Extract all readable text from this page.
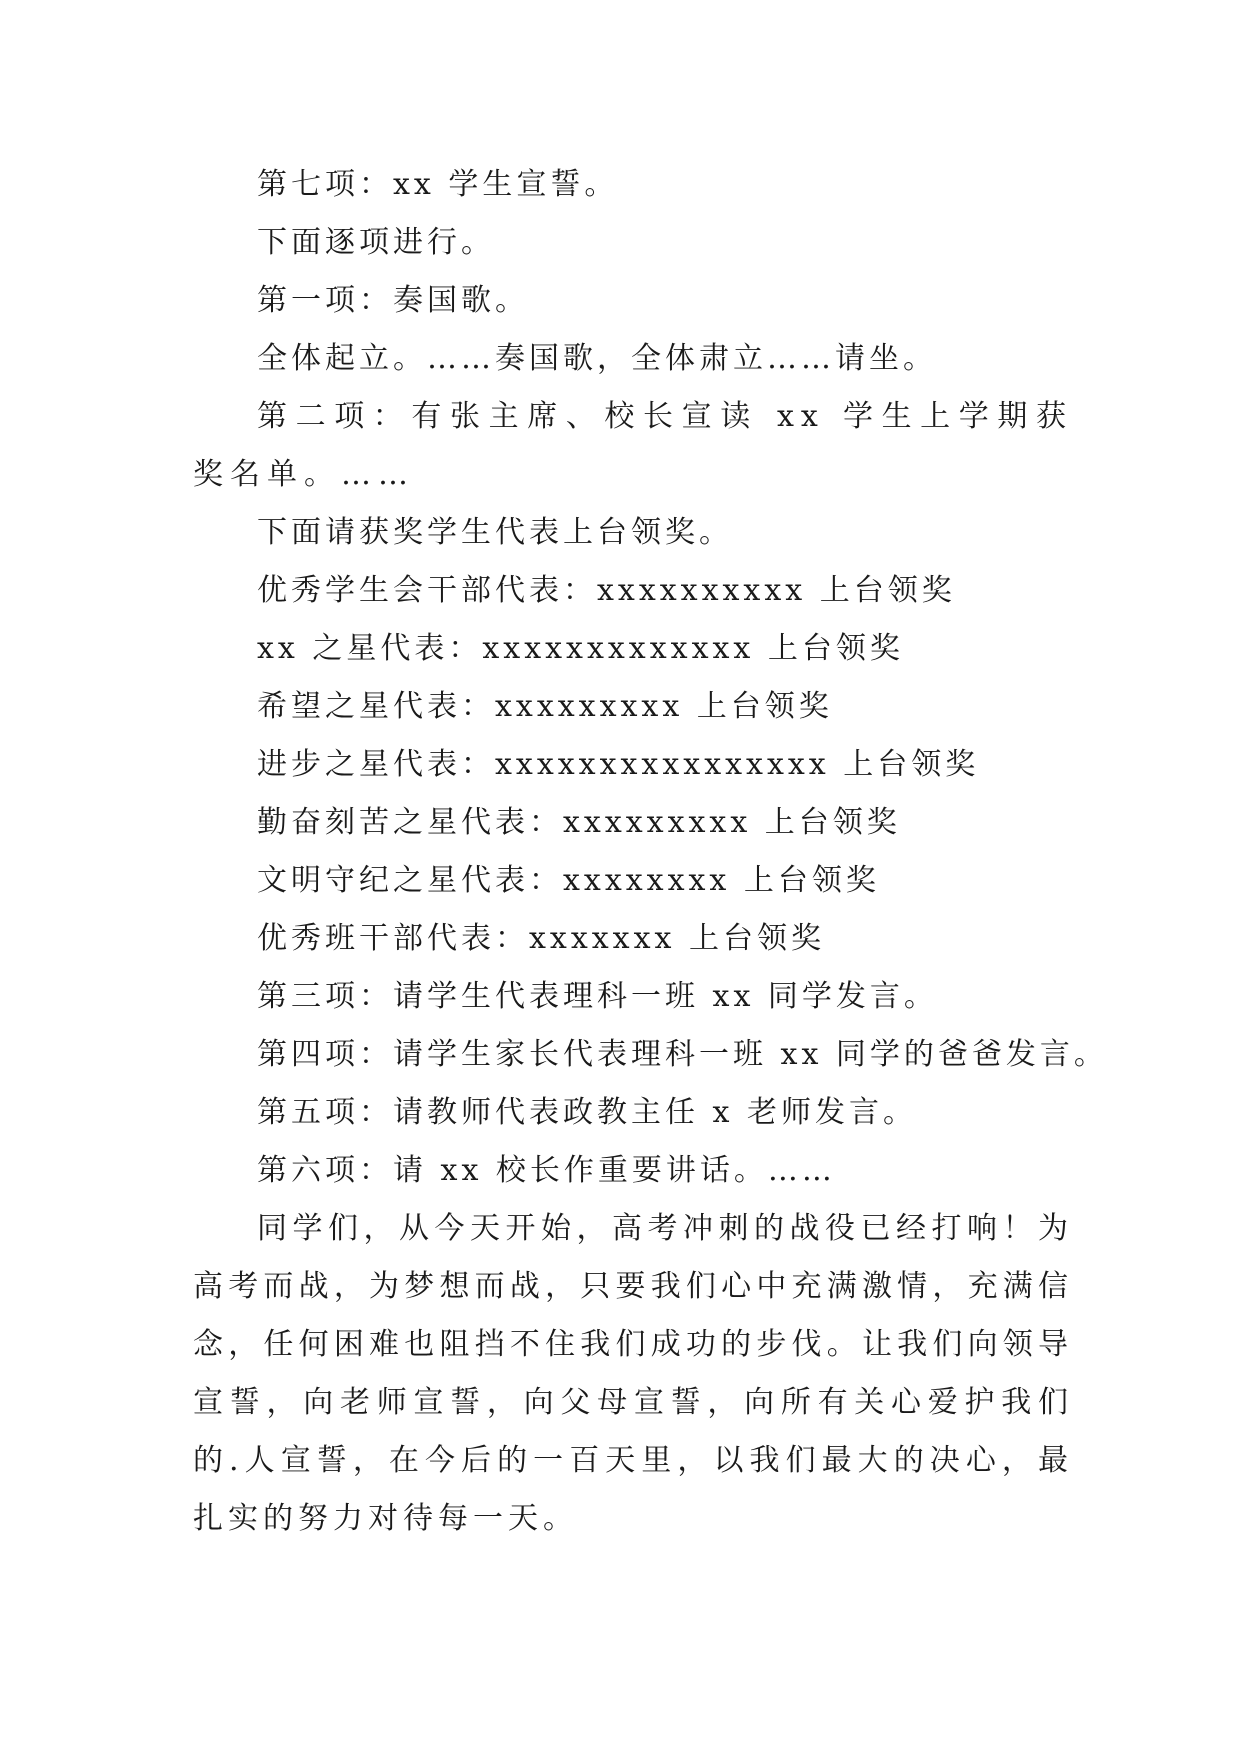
第七项：xx 学生宣誓。

下面逐项进行。

第一项：奏国歌。

全体起立。……奏国歌，全体肃立……请坐。

第二项：有张主席、校长宣读 xx 学生上学期获奖名单。……

下面请获奖学生代表上台领奖。

优秀学生会干部代表：xxxxxxxxxx 上台领奖

xx 之星代表：xxxxxxxxxxxxx 上台领奖

希望之星代表：xxxxxxxxx 上台领奖

进步之星代表：xxxxxxxxxxxxxxxx 上台领奖

勤奋刻苦之星代表：xxxxxxxxx 上台领奖

文明守纪之星代表：xxxxxxxx 上台领奖

优秀班干部代表：xxxxxxx 上台领奖

第三项：请学生代表理科一班 xx 同学发言。

第四项：请学生家长代表理科一班 xx 同学的爸爸发言。

第五项：请教师代表政教主任 x 老师发言。

第六项：请 xx 校长作重要讲话。……

同学们，从今天开始，高考冲刺的战役已经打响！为高考而战，为梦想而战，只要我们心中充满激情，充满信念，任何困难也阻挡不住我们成功的步伐。让我们向领导宣誓，向老师宣誓，向父母宣誓，向所有关心爱护我们的.人宣誓，在今后的一百天里，以我们最大的决心，最扎实的努力对待每一天。
